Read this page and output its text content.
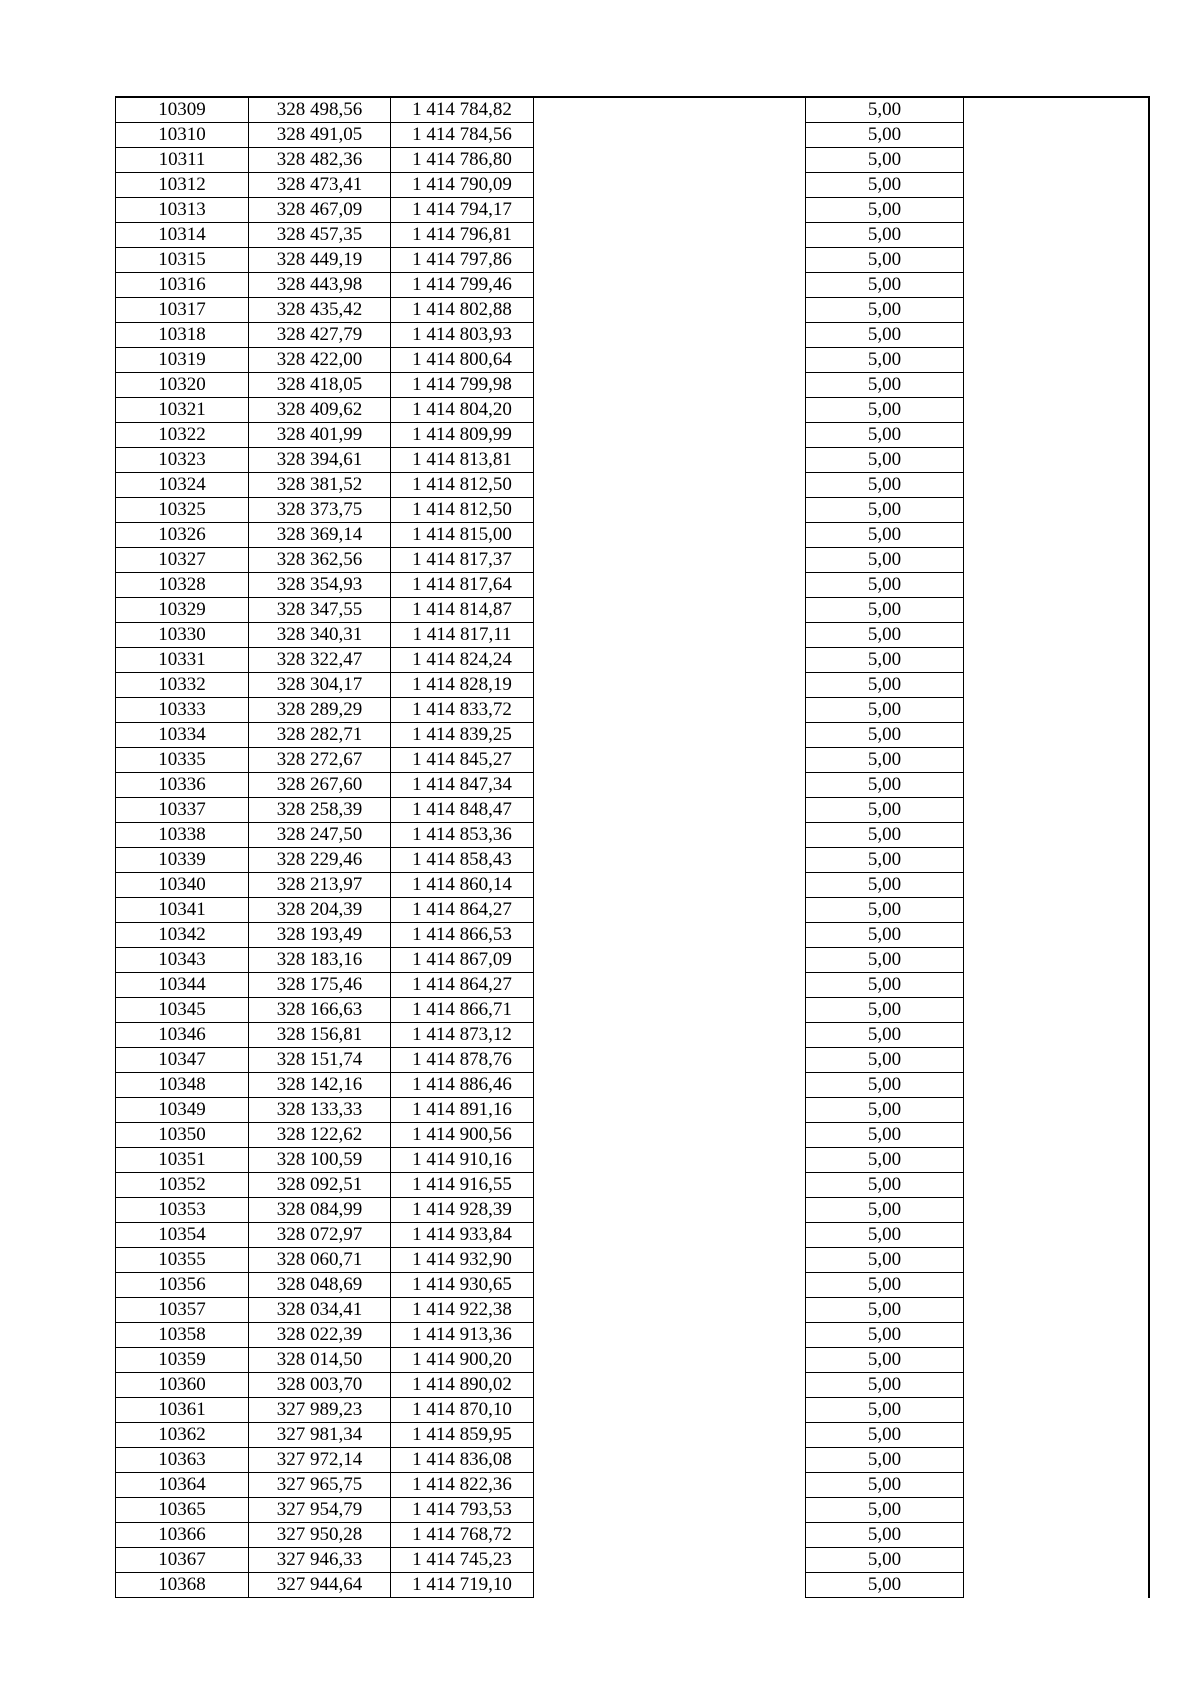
10309	328 498,56	1 414 784,82		5,00	
10310	328 491,05	1 414 784,56		5,00	
10311	328 482,36	1 414 786,80		5,00	
10312	328 473,41	1 414 790,09		5,00	
10313	328 467,09	1 414 794,17		5,00	
10314	328 457,35	1 414 796,81		5,00	
10315	328 449,19	1 414 797,86		5,00	
10316	328 443,98	1 414 799,46		5,00	
10317	328 435,42	1 414 802,88		5,00	
10318	328 427,79	1 414 803,93		5,00	
10319	328 422,00	1 414 800,64		5,00	
10320	328 418,05	1 414 799,98		5,00	
10321	328 409,62	1 414 804,20		5,00	
10322	328 401,99	1 414 809,99		5,00	
10323	328 394,61	1 414 813,81		5,00	
10324	328 381,52	1 414 812,50		5,00	
10325	328 373,75	1 414 812,50		5,00	
10326	328 369,14	1 414 815,00		5,00	
10327	328 362,56	1 414 817,37		5,00	
10328	328 354,93	1 414 817,64		5,00	
10329	328 347,55	1 414 814,87		5,00	
10330	328 340,31	1 414 817,11		5,00	
10331	328 322,47	1 414 824,24		5,00	
10332	328 304,17	1 414 828,19		5,00	
10333	328 289,29	1 414 833,72		5,00	
10334	328 282,71	1 414 839,25		5,00	
10335	328 272,67	1 414 845,27		5,00	
10336	328 267,60	1 414 847,34		5,00	
10337	328 258,39	1 414 848,47		5,00	
10338	328 247,50	1 414 853,36		5,00	
10339	328 229,46	1 414 858,43		5,00	
10340	328 213,97	1 414 860,14		5,00	
10341	328 204,39	1 414 864,27		5,00	
10342	328 193,49	1 414 866,53		5,00	
10343	328 183,16	1 414 867,09		5,00	
10344	328 175,46	1 414 864,27		5,00	
10345	328 166,63	1 414 866,71		5,00	
10346	328 156,81	1 414 873,12		5,00	
10347	328 151,74	1 414 878,76		5,00	
10348	328 142,16	1 414 886,46		5,00	
10349	328 133,33	1 414 891,16		5,00	
10350	328 122,62	1 414 900,56		5,00	
10351	328 100,59	1 414 910,16		5,00	
10352	328 092,51	1 414 916,55		5,00	
10353	328 084,99	1 414 928,39		5,00	
10354	328 072,97	1 414 933,84		5,00	
10355	328 060,71	1 414 932,90		5,00	
10356	328 048,69	1 414 930,65		5,00	
10357	328 034,41	1 414 922,38		5,00	
10358	328 022,39	1 414 913,36		5,00	
10359	328 014,50	1 414 900,20		5,00	
10360	328 003,70	1 414 890,02		5,00	
10361	327 989,23	1 414 870,10		5,00	
10362	327 981,34	1 414 859,95		5,00	
10363	327 972,14	1 414 836,08		5,00	
10364	327 965,75	1 414 822,36		5,00	
10365	327 954,79	1 414 793,53		5,00	
10366	327 950,28	1 414 768,72		5,00	
10367	327 946,33	1 414 745,23		5,00	
10368	327 944,64	1 414 719,10		5,00	
